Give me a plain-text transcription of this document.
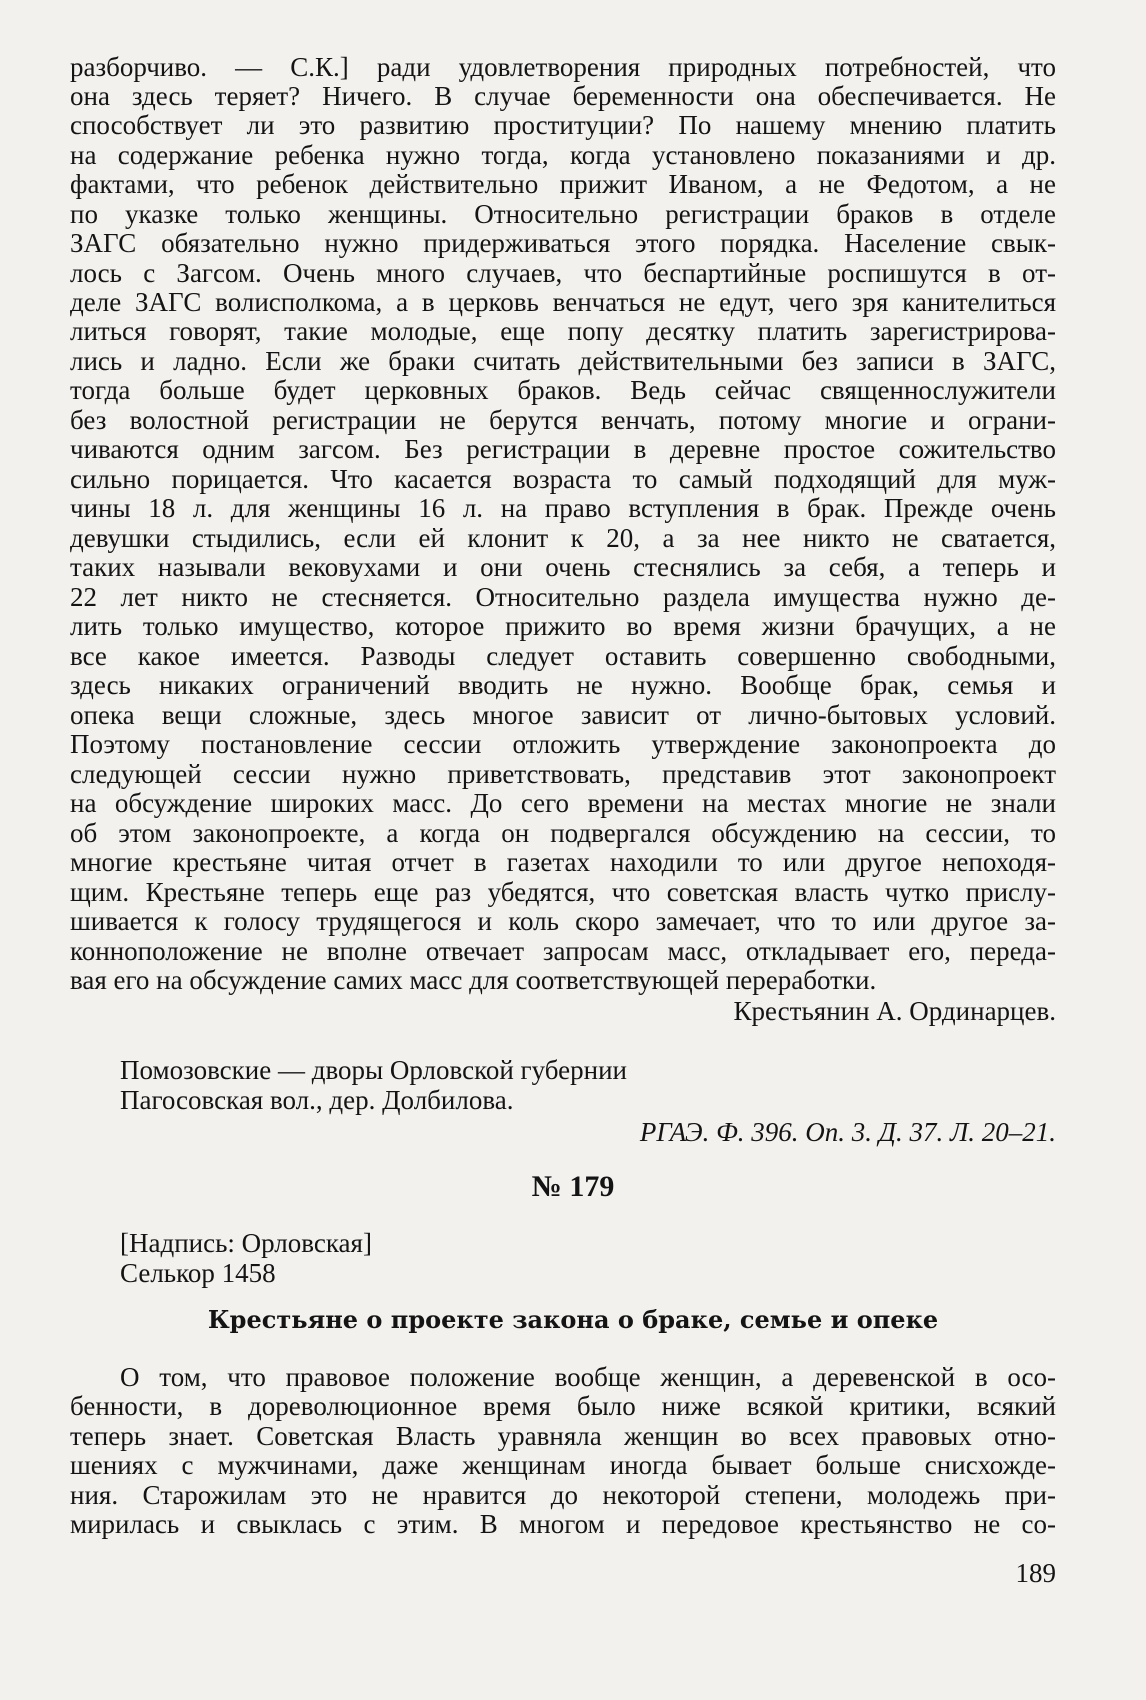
разборчиво. — С.К.] ради удовлетворения природных потребностей, что
она здесь теряет? Ничего. В случае беременности она обеспечивается. Не
способствует ли это развитию проституции? По нашему мнению платить
на содержание ребенка нужно тогда, когда установлено показаниями и др.
фактами, что ребенок действительно прижит Иваном, а не Федотом, а не
по указке только женщины. Относительно регистрации браков в отделе
ЗАГС обязательно нужно придерживаться этого порядка. Население свык-
лось с Загсом. Очень много случаев, что беспартийные роспишутся в от-
деле ЗАГС волисполкома, а в церковь венчаться не едут, чего зря канителиться
литься говорят, такие молодые, еще попу десятку платить зарегистрирова-
лись и ладно. Если же браки считать действительными без записи в ЗАГС,
тогда больше будет церковных браков. Ведь сейчас священнослужители
без волостной регистрации не берутся венчать, потому многие и ограни-
чиваются одним загсом. Без регистрации в деревне простое сожительство
сильно порицается. Что касается возраста то самый подходящий для муж-
чины 18 л. для женщины 16 л. на право вступления в брак. Прежде очень
девушки стыдились, если ей клонит к 20, а за нее никто не сватается,
таких называли вековухами и они очень стеснялись за себя, а теперь и
22 лет никто не стесняется. Относительно раздела имущества нужно де-
лить только имущество, которое прижито во время жизни брачущих, а не
все какое имеется. Разводы следует оставить совершенно свободными,
здесь никаких ограничений вводить не нужно. Вообще брак, семья и
опека вещи сложные, здесь многое зависит от лично-бытовых условий.
Поэтому постановление сессии отложить утверждение законопроекта до
следующей сессии нужно приветствовать, представив этот законопроект
на обсуждение широких масс. До сего времени на местах многие не знали
об этом законопроекте, а когда он подвергался обсуждению на сессии, то
многие крестьяне читая отчет в газетах находили то или другое непоходя-
щим. Крестьяне теперь еще раз убедятся, что советская власть чутко прислу-
шивается к голосу трудящегося и коль скоро замечает, что то или другое за-
конноположение не вполне отвечает запросам масс, откладывает его, переда-
вая его на обсуждение самих масс для соответствующей переработки.
Крестьянин А. Ординарцев.
Помозовские — дворы Орловской губернии
Пагосовская вол., дер. Долбилова.
РГАЭ. Ф. 396. Оп. 3. Д. 37. Л. 20–21.
№ 179
[Надпись: Орловская]
Селькор 1458
Крестьяне о проекте закона о браке, семье и опеке
О том, что правовое положение вообще женщин, а деревенской в осо-
бенности, в дореволюционное время было ниже всякой критики, всякий
теперь знает. Советская Власть уравняла женщин во всех правовых отно-
шениях с мужчинами, даже женщинам иногда бывает больше снисхожде-
ния. Старожилам это не нравится до некоторой степени, молодежь при-
мирилась и свыклась с этим. В многом и передовое крестьянство не со-
189
